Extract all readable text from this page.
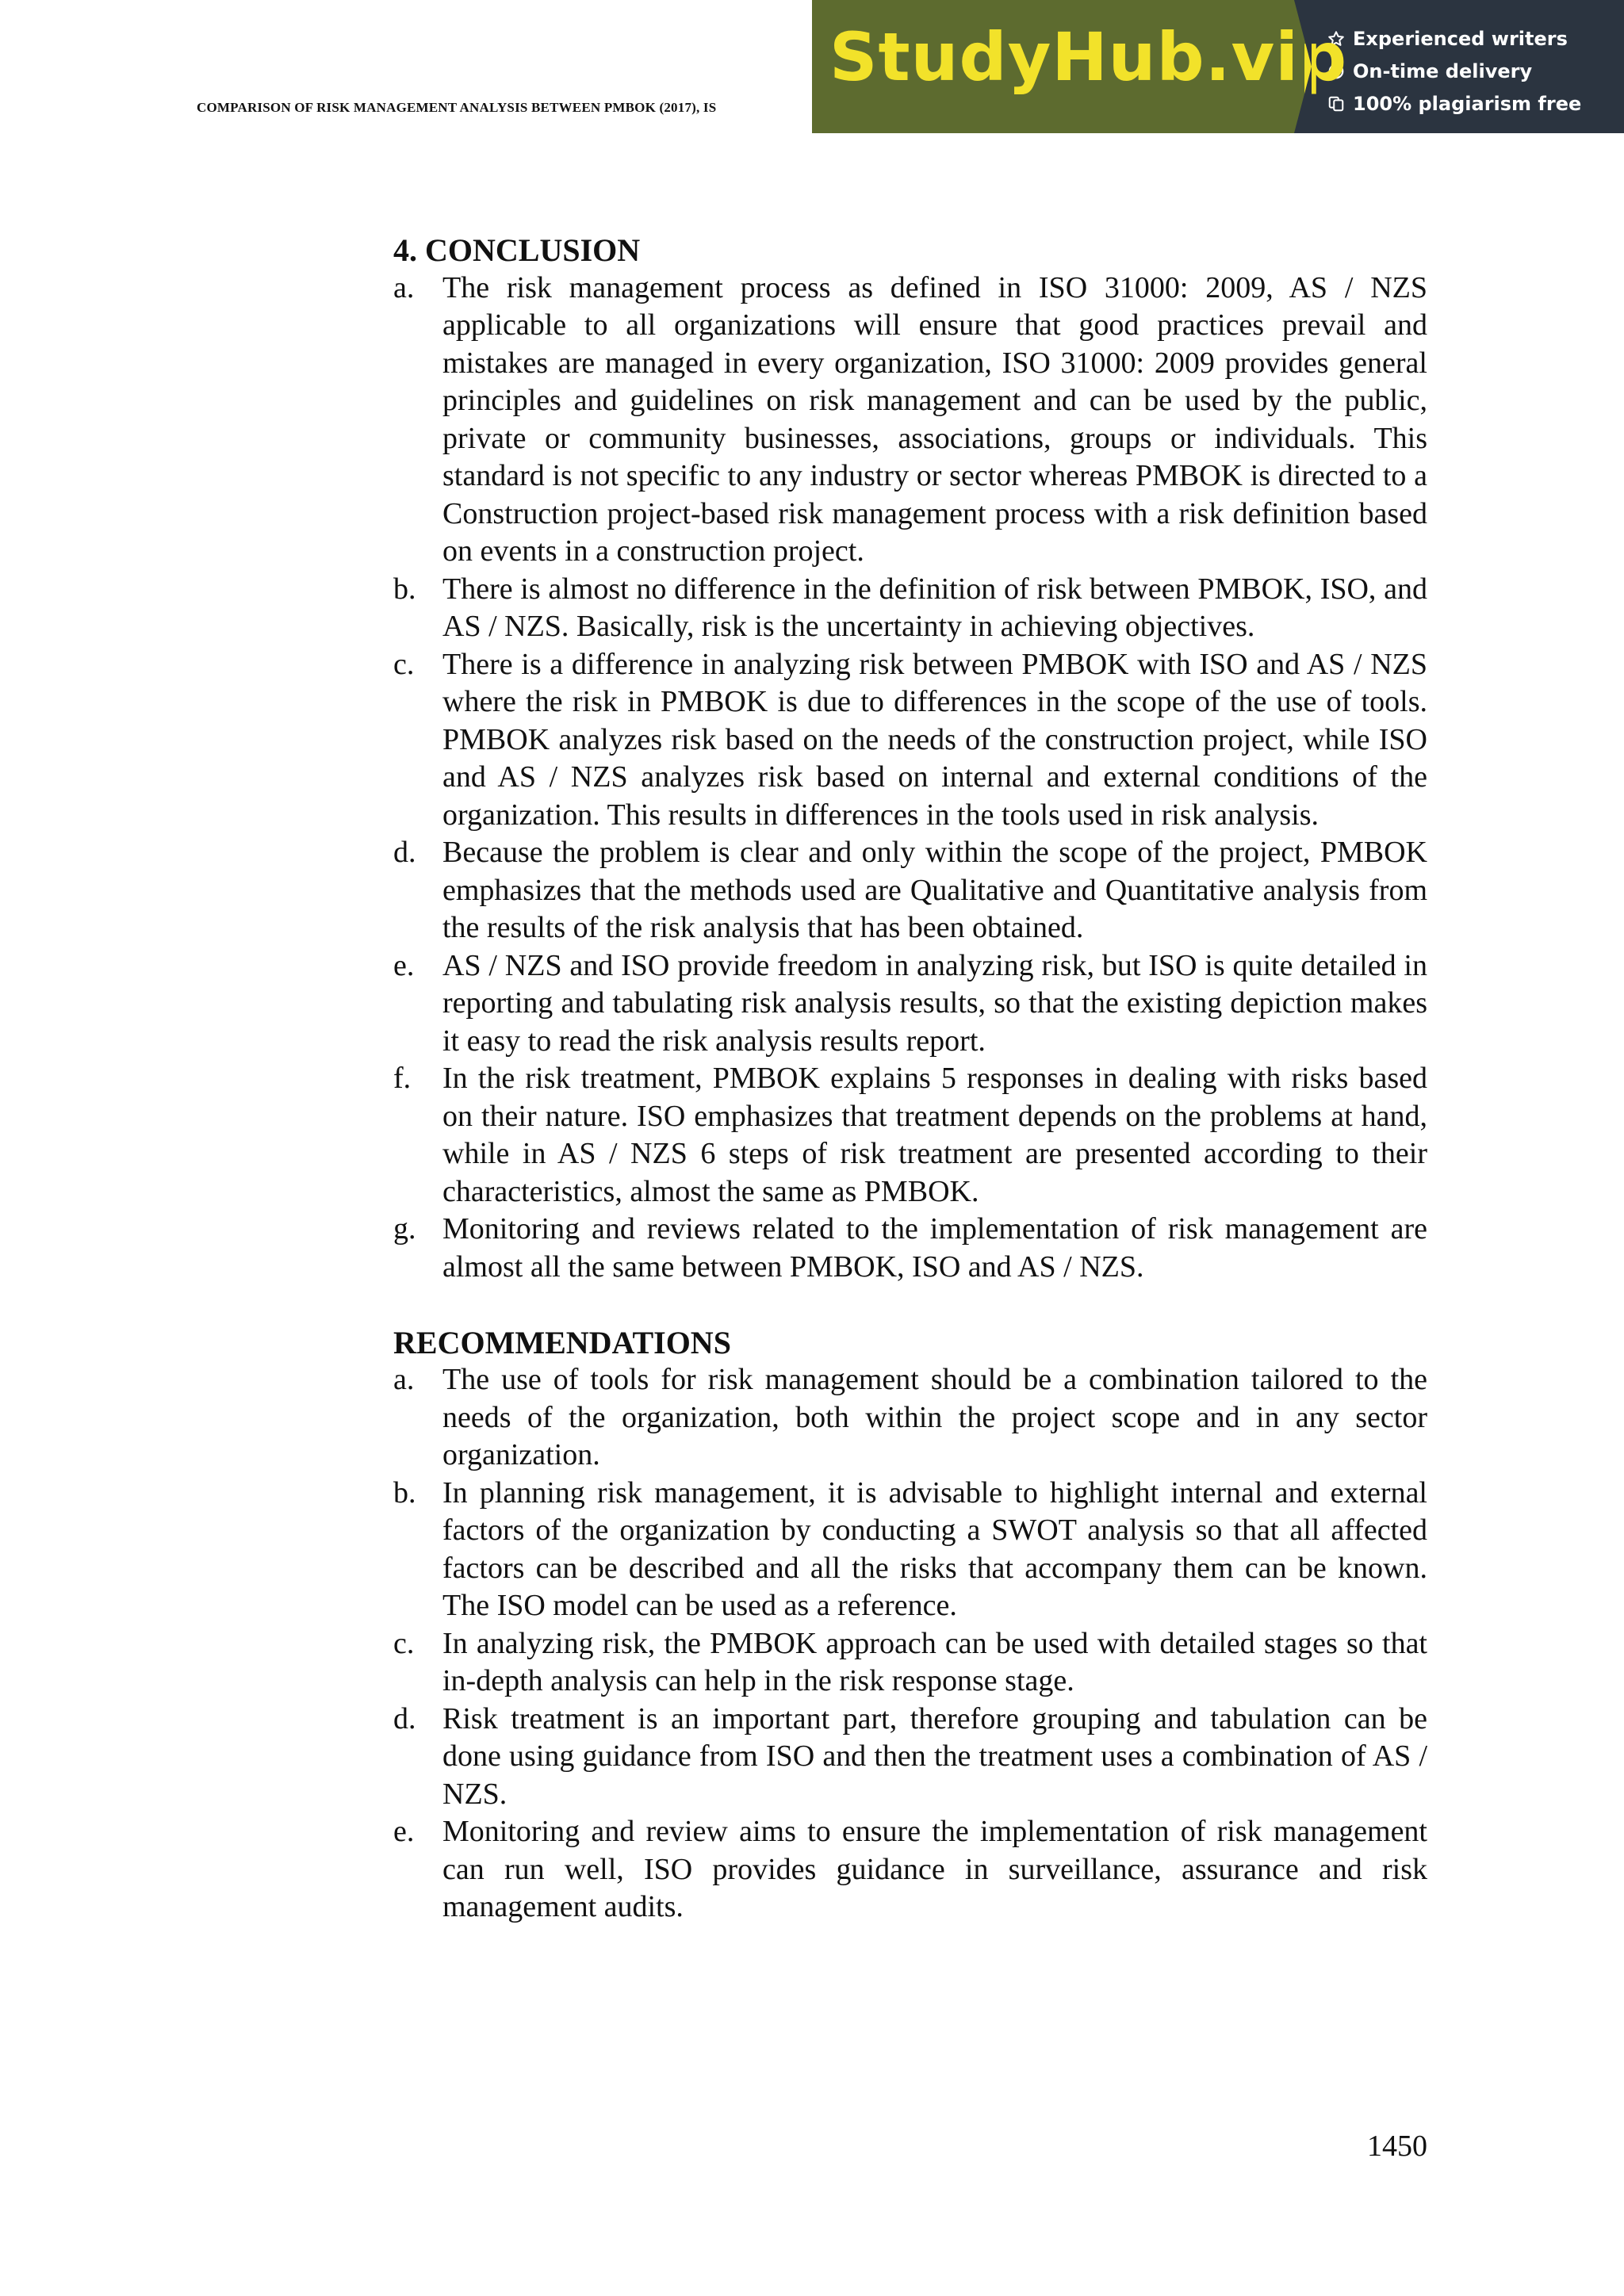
COMPARISON OF RISK MANAGEMENT ANALYSIS BETWEEN PMBOK (2017), IS
StudyHub.vip Experienced writers
On-time delivery
100% plagiarism free
4. CONCLUSION
a. The risk management process as defined in ISO 31000: 2009, AS / NZS applicable to all organizations will ensure that good practices prevail and mistakes are managed in every organization, ISO 31000: 2009 provides general principles and guidelines on risk management and can be used by the public, private or community businesses, associations, groups or individuals. This standard is not specific to any industry or sector whereas PMBOK is directed to a Construction project-based risk management process with a risk definition based on events in a construction project.
b. There is almost no difference in the definition of risk between PMBOK, ISO, and AS / NZS. Basically, risk is the uncertainty in achieving objectives.
c. There is a difference in analyzing risk between PMBOK with ISO and AS / NZS where the risk in PMBOK is due to differences in the scope of the use of tools. PMBOK analyzes risk based on the needs of the construction project, while ISO and AS / NZS analyzes risk based on internal and external conditions of the organization. This results in differences in the tools used in risk analysis.
d. Because the problem is clear and only within the scope of the project, PMBOK emphasizes that the methods used are Qualitative and Quantitative analysis from the results of the risk analysis that has been obtained.
e. AS / NZS and ISO provide freedom in analyzing risk, but ISO is quite detailed in reporting and tabulating risk analysis results, so that the existing depiction makes it easy to read the risk analysis results report.
f.	In the risk treatment, PMBOK explains 5 responses in dealing with risks based on their nature. ISO emphasizes that treatment depends on the problems at hand, while in AS / NZS 6 steps of risk treatment are presented according to their characteristics, almost the same as PMBOK.
g. Monitoring and reviews related to the implementation of risk management are almost all the same between PMBOK, ISO and AS / NZS.
RECOMMENDATIONS
a. The use of tools for risk management should be a combination tailored to the needs of the organization, both within the project scope and in any sector organization.
b. In planning risk management, it is advisable to highlight internal and external factors of the organization by conducting a SWOT analysis so that all affected factors can be described and all the risks that accompany them can be known. The ISO model can be used as a reference.
c. In analyzing risk, the PMBOK approach can be used with detailed stages so that in-depth analysis can help in the risk response stage.
d. Risk treatment is an important part, therefore grouping and tabulation can be done using guidance from ISO and then the treatment uses a combination of AS / NZS.
e. Monitoring and review aims to ensure the implementation of risk management can run well, ISO provides guidance in surveillance, assurance and risk management audits.
1450
